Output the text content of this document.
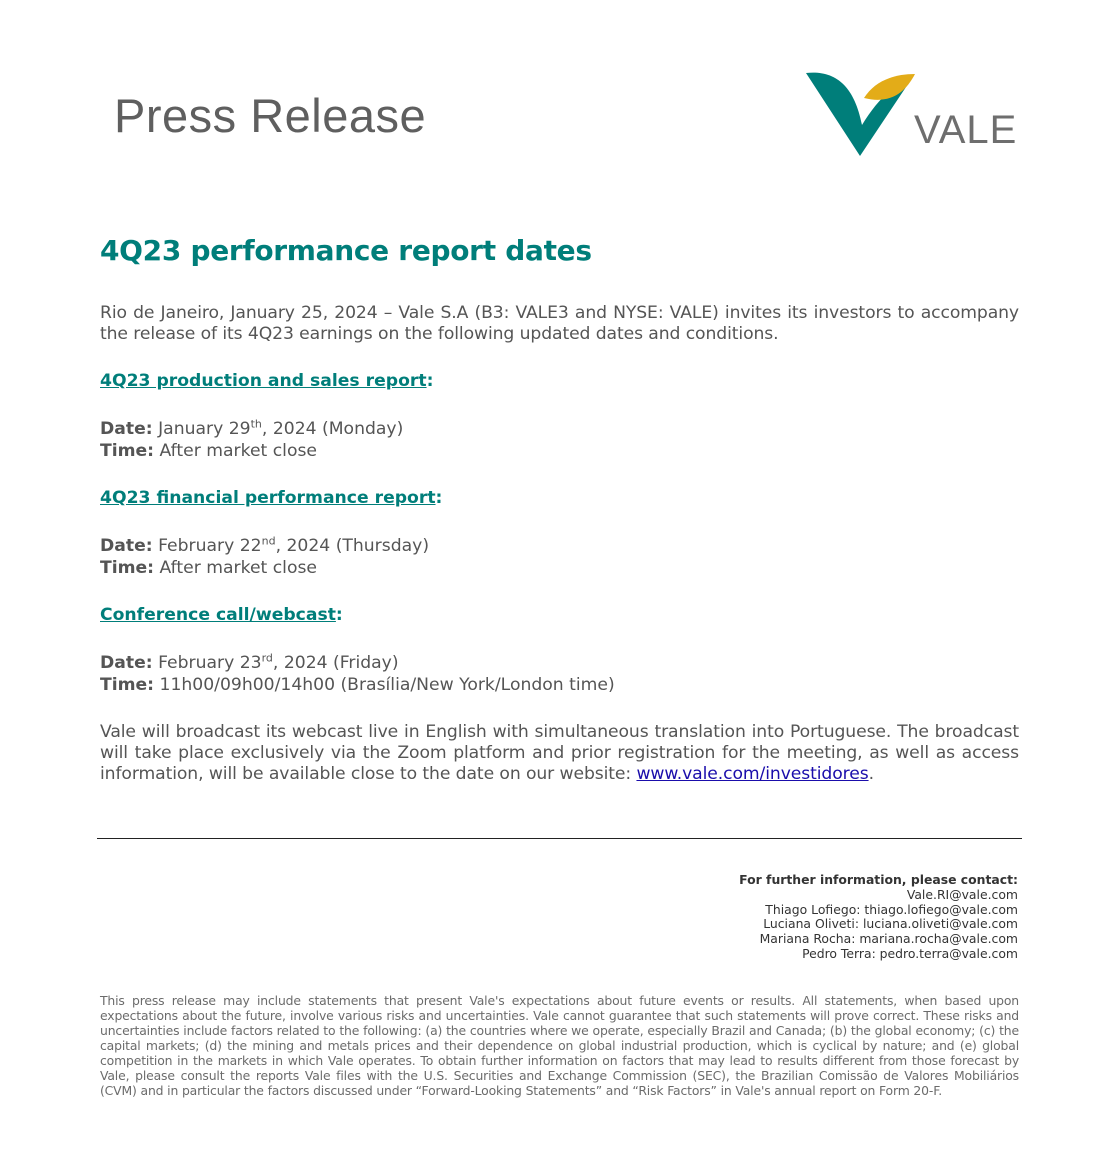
Press Release	VALE
4Q23 performance report dates

Rio de Janeiro, January 25, 2024 – Vale S.A (B3: VALE3 and NYSE: VALE) invites its investors to accompany the release of its 4Q23 earnings on the following updated dates and conditions.

4Q23 production and sales report:

Date: January 29th, 2024 (Monday)

Time: After market close

4Q23 financial performance report:

Date: February 22nd, 2024 (Thursday)

Time: After market close

Conference call/webcast:

Date: February 23rd, 2024 (Friday)

Time: 11h00/09h00/14h00 (Brasília/New York/London time)

Vale will broadcast its webcast live in English with simultaneous translation into Portuguese. The broadcast will take place exclusively via the Zoom platform and prior registration for the meeting, as well as access information, will be available close to the date on our website: www.vale.com/investidores.

For further information, please contact:
Vale.RI@vale.com
Thiago Lofiego: thiago.lofiego@vale.com
Luciana Oliveti: luciana.oliveti@vale.com
Mariana Rocha: mariana.rocha@vale.com
Pedro Terra: pedro.terra@vale.com

This press release may include statements that present Vale's expectations about future events or results. All statements, when based upon expectations about the future, involve various risks and uncertainties. Vale cannot guarantee that such statements will prove correct. These risks and uncertainties include factors related to the following: (a) the countries where we operate, especially Brazil and Canada; (b) the global economy; (c) the capital markets; (d) the mining and metals prices and their dependence on global industrial production, which is cyclical by nature; and (e) global competition in the markets in which Vale operates. To obtain further information on factors that may lead to results different from those forecast by Vale, please consult the reports Vale files with the U.S. Securities and Exchange Commission (SEC), the Brazilian Comissão de Valores Mobiliários (CVM) and in particular the factors discussed under “Forward-Looking Statements” and “Risk Factors” in Vale's annual report on Form 20-F.
